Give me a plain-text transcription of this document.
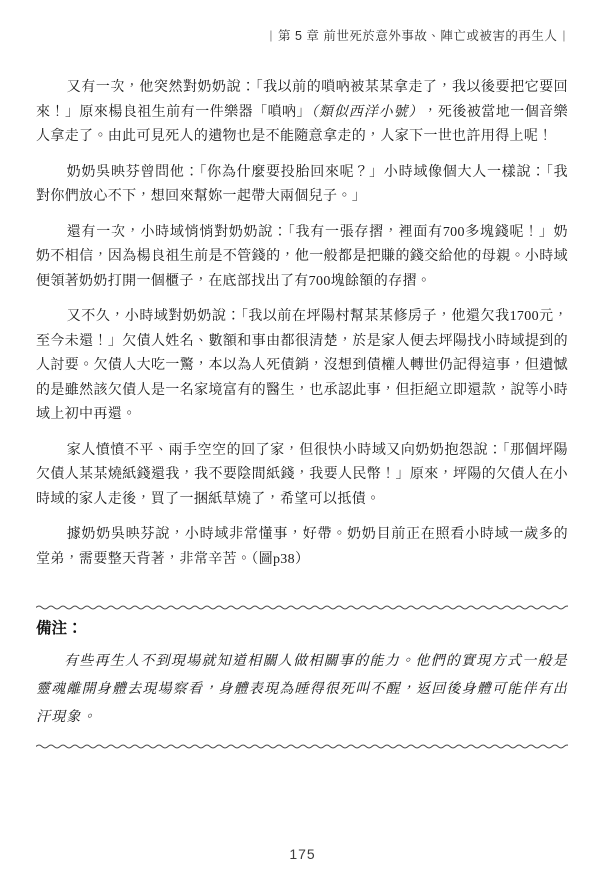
| 第 5 章 前世死於意外事故、陣亡或被害的再生人 |

又有一次，他突然對奶奶說：「我以前的嗩吶被某某拿走了，我以後要把它要回來！」原來楊良祖生前有一件樂器「嗩吶」（類似西洋小號），死後被當地一個音樂人拿走了。由此可見死人的遺物也是不能隨意拿走的，人家下一世也許用得上呢！

奶奶吳映芬曾問他：「你為什麼要投胎回來呢？」小時域像個大人一樣說：「我對你們放心不下，想回來幫妳一起帶大兩個兒子。」

還有一次，小時域悄悄對奶奶說：「我有一張存摺，裡面有700多塊錢呢！」奶奶不相信，因為楊良祖生前是不管錢的，他一般都是把賺的錢交給他的母親。小時域便領著奶奶打開一個櫃子，在底部找出了有700塊餘額的存摺。

又不久，小時域對奶奶說：「我以前在坪陽村幫某某修房子，他還欠我1700元，至今未還！」欠債人姓名、數額和事由都很清楚，於是家人便去坪陽找小時域提到的人討要。欠債人大吃一驚，本以為人死債銷，沒想到債權人轉世仍記得這事，但遺憾的是雖然該欠債人是一名家境富有的醫生，也承認此事，但拒絕立即還款，說等小時域上初中再還。

家人憤憤不平、兩手空空的回了家，但很快小時域又向奶奶抱怨說：「那個坪陽欠債人某某燒紙錢還我，我不要陰間紙錢，我要人民幣！」原來，坪陽的欠債人在小時域的家人走後，買了一捆紙草燒了，希望可以抵債。

據奶奶吳映芬說，小時域非常懂事，好帶。奶奶目前正在照看小時域一歲多的堂弟，需要整天背著，非常辛苦。（圖p38）

備注：

有些再生人不到現場就知道相關人做相關事的能力。他們的實現方式一般是靈魂離開身體去現場察看，身體表現為睡得很死叫不醒，返回後身體可能伴有出汗現象。

175
